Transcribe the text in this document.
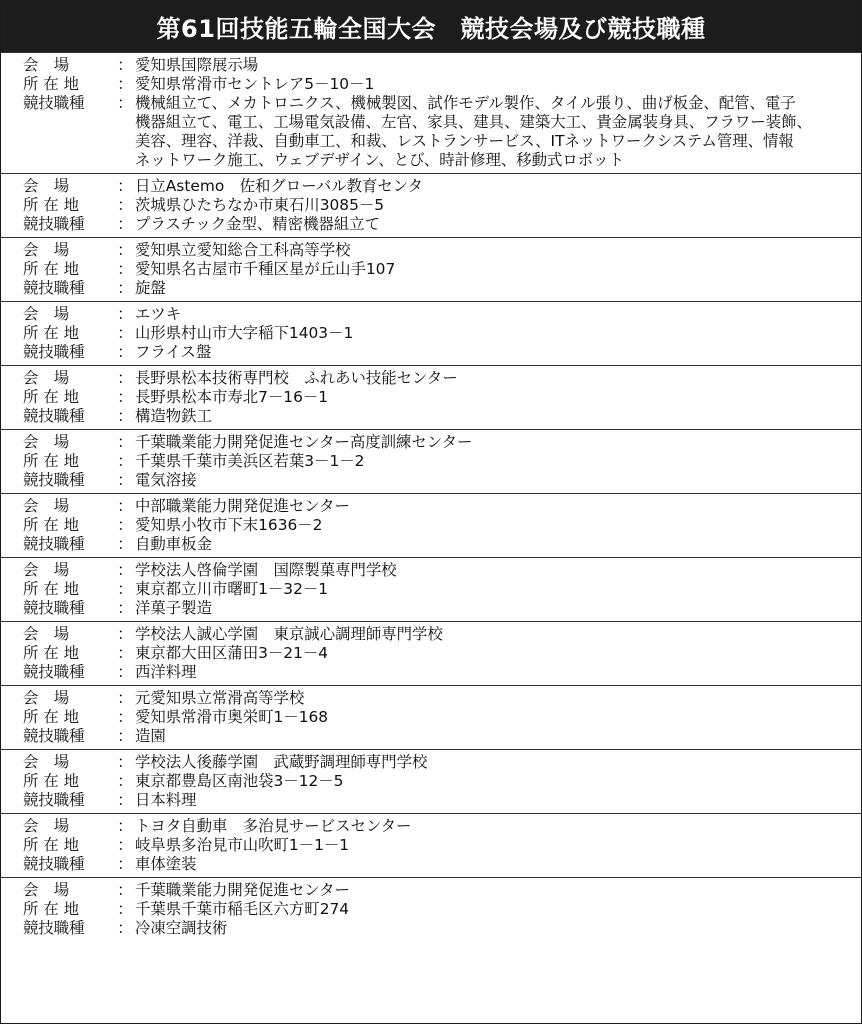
第61回技能五輪全国大会　競技会場及び競技職種
会　場	： 愛知県国際展示場
所 在 地	： 愛知県常滑市セントレア5－10－1
競技職種	： 機械組立て、メカトロニクス、機械製図、試作モデル製作、タイル張り、曲げ板金、配管、電子
機器組立て、電工、工場電気設備、左官、家具、建具、建築大工、貴金属装身具、フラワー装飾、
美容、理容、洋裁、自動車工、和裁、レストランサービス、ITネットワークシステム管理、情報
ネットワーク施工、ウェブデザイン、とび、時計修理、移動式ロボット
会　場	： 日立Astemo　佐和グローバル教育センタ
所 在 地	： 茨城県ひたちなか市東石川3085－5
競技職種	： プラスチック金型、精密機器組立て
会　場	： 愛知県立愛知総合工科高等学校
所 在 地	： 愛知県名古屋市千種区星が丘山手107
競技職種	： 旋盤
会　場	： エツキ
所 在 地	： 山形県村山市大字稲下1403－1
競技職種	： フライス盤
会　場	： 長野県松本技術専門校　ふれあい技能センター
所 在 地	： 長野県松本市寿北7－16－1
競技職種	： 構造物鉄工
会　場	： 千葉職業能力開発促進センター高度訓練センター
所 在 地	： 千葉県千葉市美浜区若葉3－1－2
競技職種	： 電気溶接
会　場	： 中部職業能力開発促進センター
所 在 地	： 愛知県小牧市下末1636－2
競技職種	： 自動車板金
会　場	： 学校法人啓倫学園　国際製菓専門学校
所 在 地	： 東京都立川市曙町1－32－1
競技職種	： 洋菓子製造
会　場	： 学校法人誠心学園　東京誠心調理師専門学校
所 在 地	： 東京都大田区蒲田3－21－4
競技職種	： 西洋料理
会　場	： 元愛知県立常滑高等学校
所 在 地	： 愛知県常滑市奥栄町1－168
競技職種	： 造園
会　場	： 学校法人後藤学園　武蔵野調理師専門学校
所 在 地	： 東京都豊島区南池袋3－12－5
競技職種	： 日本料理
会　場	： トヨタ自動車　多治見サービスセンター
所 在 地	： 岐阜県多治見市山吹町1－1－1
競技職種	： 車体塗装
会　場	： 千葉職業能力開発促進センター
所 在 地	： 千葉県千葉市稲毛区六方町274
競技職種	： 冷凍空調技術
